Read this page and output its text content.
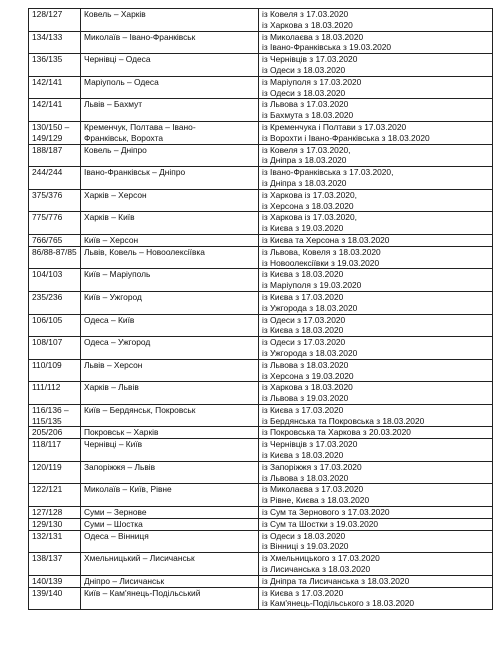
128/127	Ковель – Харків	із Ковеля з 17.03.2020
із Харкова з 18.03.2020

134/133	Миколаїв – Івано-Франківськ	із Миколаєва з 18.03.2020
із Івано-Франківська з 19.03.2020

136/135	Чернівці – Одеса	із Чернівців з 17.03.2020
із Одеси з 18.03.2020

142/141	Маріуполь – Одеса	із Маріуполя з 17.03.2020
із Одеси з 18.03.2020

142/141	Львів – Бахмут	із Львова з 17.03.2020
із Бахмута з 18.03.2020

130/150 –
149/129	Кременчук, Полтава – Івано-
Франківськ, Ворохта	із Кременчука і Полтави з 17.03.2020
із Ворохти і Івано-Франківська з 18.03.2020

188/187	Ковель – Дніпро	із Ковеля з 17.03.2020,
із Дніпра з 18.03.2020

244/244	Івано-Франківськ – Дніпро	із Івано-Франківська з 17.03.2020,
із Дніпра з 18.03.2020

375/376	Харків – Херсон	із Харкова із 17.03.2020,
із Херсона з 18.03.2020

775/776	Харків – Київ	із Харкова із 17.03.2020,
із Києва з 19.03.2020

766/765	Київ – Херсон	із Києва та Херсона з 18.03.2020

86/88-87/85	Львів, Ковель – Новоолексіївка	із Львова, Ковеля з 18.03.2020
із Новоолексіївки з 19.03.2020

104/103	Київ – Маріуполь	із Києва з 18.03.2020
із Маріуполя з 19.03.2020

235/236	Київ – Ужгород	із Києва з 17.03.2020
із Ужгорода з 18.03.2020

106/105	Одеса – Київ	із Одеси з 17.03.2020
із Києва з 18.03.2020

108/107	Одеса – Ужгород	із Одеси з 17.03.2020
із Ужгорода з 18.03.2020

110/109	Львів – Херсон	із Львова з 18.03.2020
із Херсона з 19.03.2020

111/112	Харків – Львів	із Харкова з 18.03.2020
із Львова з 19.03.2020

116/136 –
115/135	Київ – Бердянськ, Покровськ	із Києва з 17.03.2020
із Бердянська та Покровська з 18.03.2020

205/206	Покровськ – Харків	із Покровська та Харкова з 20.03.2020

118/117	Чернівці – Київ	із Чернівців з 17.03.2020
із Києва з 18.03.2020

120/119	Запоріжжя – Львів	із Запоріжжя з 17.03.2020
із Львова з 18.03.2020

122/121	Миколаїв – Київ, Рівне	із Миколаєва з 17.03.2020
із Рівне, Києва з 18.03.2020

127/128	Суми – Зернове	із Сум та Зернового з 17.03.2020

129/130	Суми – Шостка	із Сум та Шостки з 19.03.2020

132/131	Одеса – Вінниця	із Одеси з 18.03.2020
із Вінниці з 19.03.2020

138/137	Хмельницький – Лисичанськ	із Хмельницького з 17.03.2020
із Лисичанська з 18.03.2020

140/139	Дніпро – Лисичанськ	із Дніпра та Лисичанська з 18.03.2020

139/140	Київ – Кам'янець-Подільський	із Києва з 17.03.2020
із Кам'янець-Подільського з 18.03.2020
